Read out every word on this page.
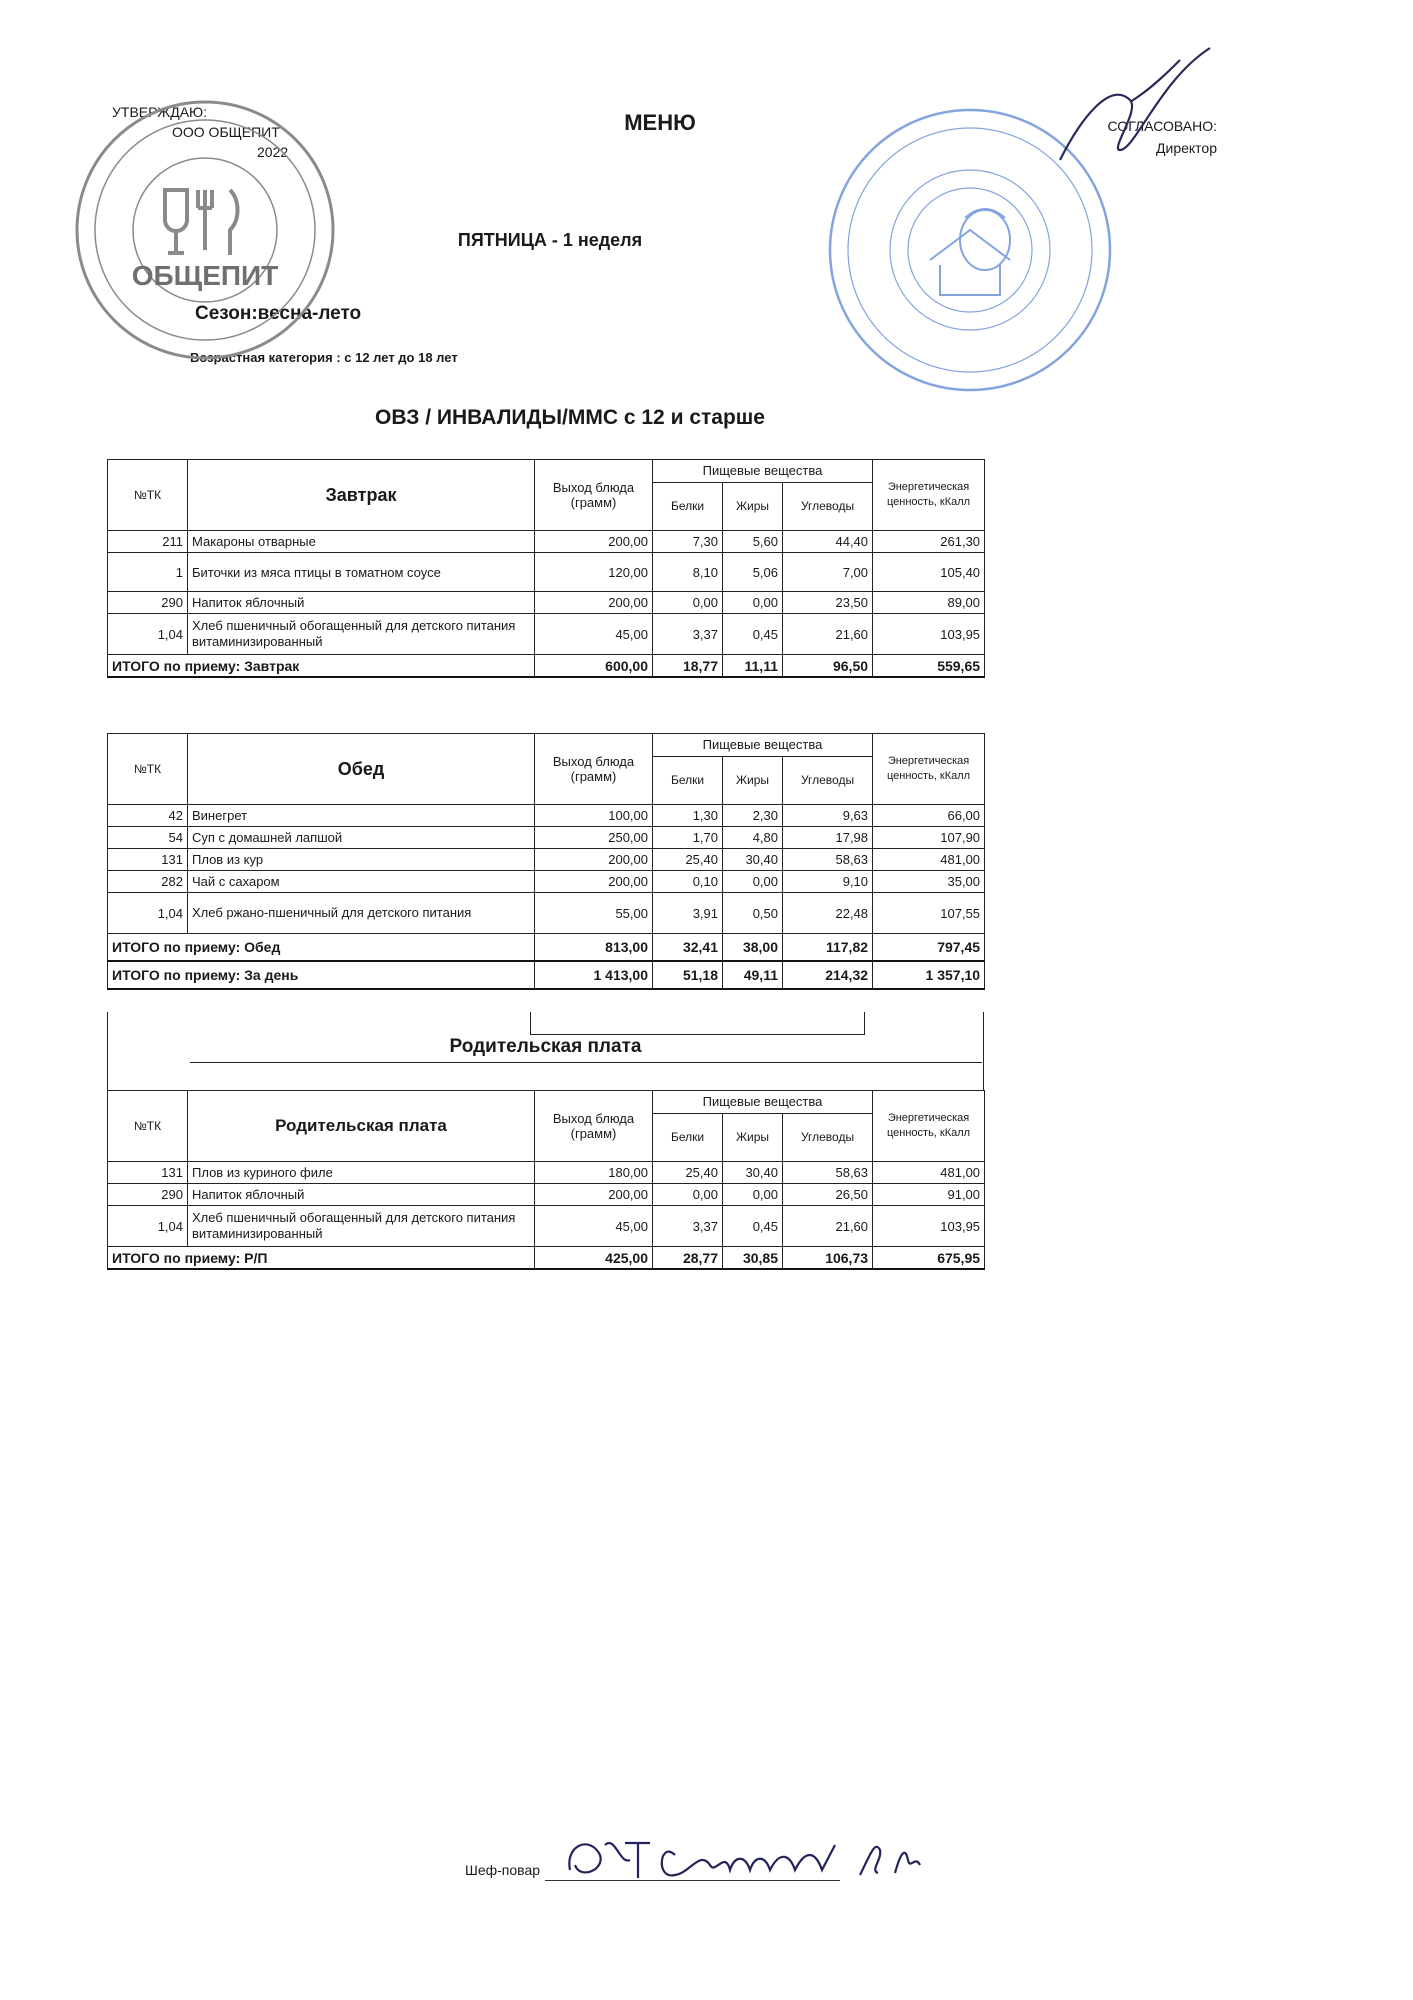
УТВЕРЖДАЮ:
ООО ОБЩЕПИТ
2022
МЕНЮ	СОГЛАСОВАНО:
Директор
ПЯТНИЦА - 1 неделя
Сезон:весна-лето
Возрастная категория : с 12 лет до 18 лет
ОВЗ / ИНВАЛИДЫ/ММС с 12 и старше
ОБЩЕПИТ
№ТК	Завтрак	Выход блюда (грамм)	Пищевые вещества			Энергетическая ценность, кКалл
			Белки	Жиры	Углеводы	
211	Макароны отварные	200,00	7,30	5,60	44,40	261,30
1	Биточки из мяса птицы в томатном соусе	120,00	8,10	5,06	7,00	105,40
290	Напиток яблочный	200,00	0,00	0,00	23,50	89,00
1,04	Хлеб пшеничный обогащенный для детского питания витаминизированный	45,00	3,37	0,45	21,60	103,95
ИТОГО по приему: Завтрак		600,00	18,77	11,11	96,50	559,65
№ТК	Обед	Выход блюда (грамм)	Пищевые вещества			Энергетическая ценность, кКалл
			Белки	Жиры	Углеводы	
42	Винегрет	100,00	1,30	2,30	9,63	66,00
54	Суп с домашней лапшой	250,00	1,70	4,80	17,98	107,90
131	Плов из кур	200,00	25,40	30,40	58,63	481,00
282	Чай с сахаром	200,00	0,10	0,00	9,10	35,00
1,04	Хлеб ржано-пшеничный для детского питания	55,00	3,91	0,50	22,48	107,55
ИТОГО по приему: Обед		813,00	32,41	38,00	117,82	797,45
ИТОГО по приему: За день		1 413,00	51,18	49,11	214,32	1 357,10
Родительская плата
№ТК	Родительская плата	Выход блюда (грамм)	Пищевые вещества			Энергетическая ценность, кКалл
			Белки	Жиры	Углеводы	
131	Плов из куриного филе	180,00	25,40	30,40	58,63	481,00
290	Напиток яблочный	200,00	0,00	0,00	26,50	91,00
1,04	Хлеб пшеничный обогащенный для детского питания витаминизированный	45,00	3,37	0,45	21,60	103,95
ИТОГО по приему: Р/П		425,00	28,77	30,85	106,73	675,95
Шеф-повар
